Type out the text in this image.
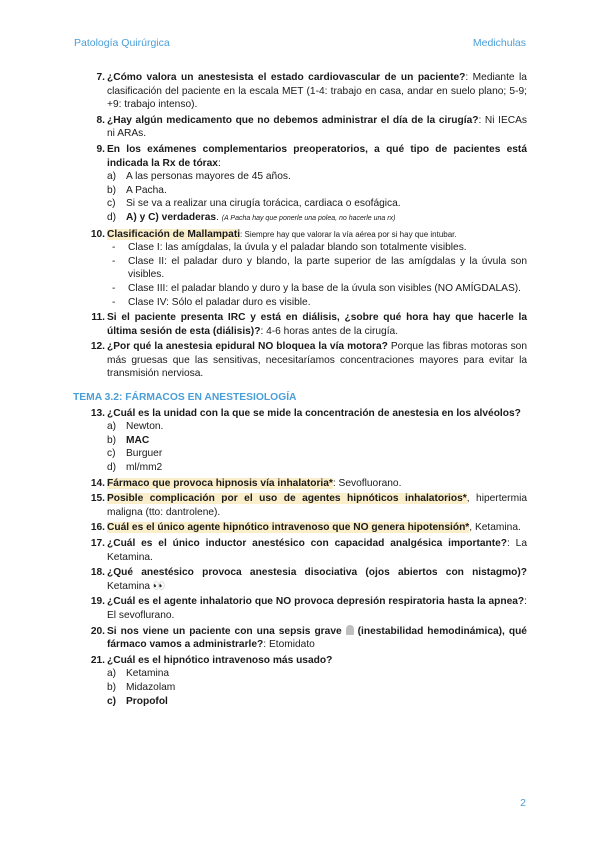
Patología Quirúrgica	Medichulas

7. ¿Cómo valora un anestesista el estado cardiovascular de un paciente?: Mediante la clasificación del paciente en la escala MET (1-4: trabajo en casa, andar en suelo plano; 5-9; +9: trabajo intenso).

8. ¿Hay algún medicamento que no debemos administrar el día de la cirugía?: Ni IECAs ni ARAs.

9. En los exámenes complementarios preoperatorios, a qué tipo de pacientes está indicada la Rx de tórax:
a) A las personas mayores de 45 años.
b) A Pacha.
c) Si se va a realizar una cirugía torácica, cardiaca o esofágica.
d) A) y C) verdaderas. (A Pacha hay que ponerle una polea, no hacerle una rx)
10. Clasificación de Mallampati: Siempre hay que valorar la vía aérea por si hay que intubar.
- Clase I: las amígdalas, la úvula y el paladar blando son totalmente visibles.
- Clase II: el paladar duro y blando, la parte superior de las amígdalas y la úvula son visibles.
- Clase III: el paladar blando y duro y la base de la úvula son visibles (NO AMÍGDALAS).
- Clase IV: Sólo el paladar duro es visible.

11. Si el paciente presenta IRC y está en diálisis, ¿sobre qué hora hay que hacerle la última sesión de esta (diálisis)?: 4-6 horas antes de la cirugía.

12. ¿Por qué la anestesia epidural NO bloquea la vía motora? Porque las fibras motoras son más gruesas que las sensitivas, necesitaríamos concentraciones mayores para evitar la transmisión nerviosa.

TEMA 3.2: FÁRMACOS EN ANESTESIOLOGÍA
13. ¿Cuál es la unidad con la que se mide la concentración de anestesia en los alvéolos?
a) Newton.
b) MAC
c) Burguer
d) ml/mm2

14. Fármaco que provoca hipnosis vía inhalatoria*: Sevofluorano.

15. Posible complicación por el uso de agentes hipnóticos inhalatorios*, hipertermia maligna (tto: dantrolene).

16. Cuál es el único agente hipnótico intravenoso que NO genera hipotensión*, Ketamina.

17. ¿Cuál es el único inductor anestésico con capacidad analgésica importante?: La Ketamina.

18. ¿Qué anestésico provoca anestesia disociativa (ojos abiertos con nistagmo)? Ketamina 👀

19. ¿Cuál es el agente inhalatorio que NO provoca depresión respiratoria hasta la apnea?: El sevoflurano.

20. Si nos viene un paciente con una sepsis grave (inestabilidad hemodinámica), qué fármaco vamos a administrarle?: Etomidato

21. ¿Cuál es el hipnótico intravenoso más usado?
a) Ketamina
b) Midazolam
c) Propofol
2
